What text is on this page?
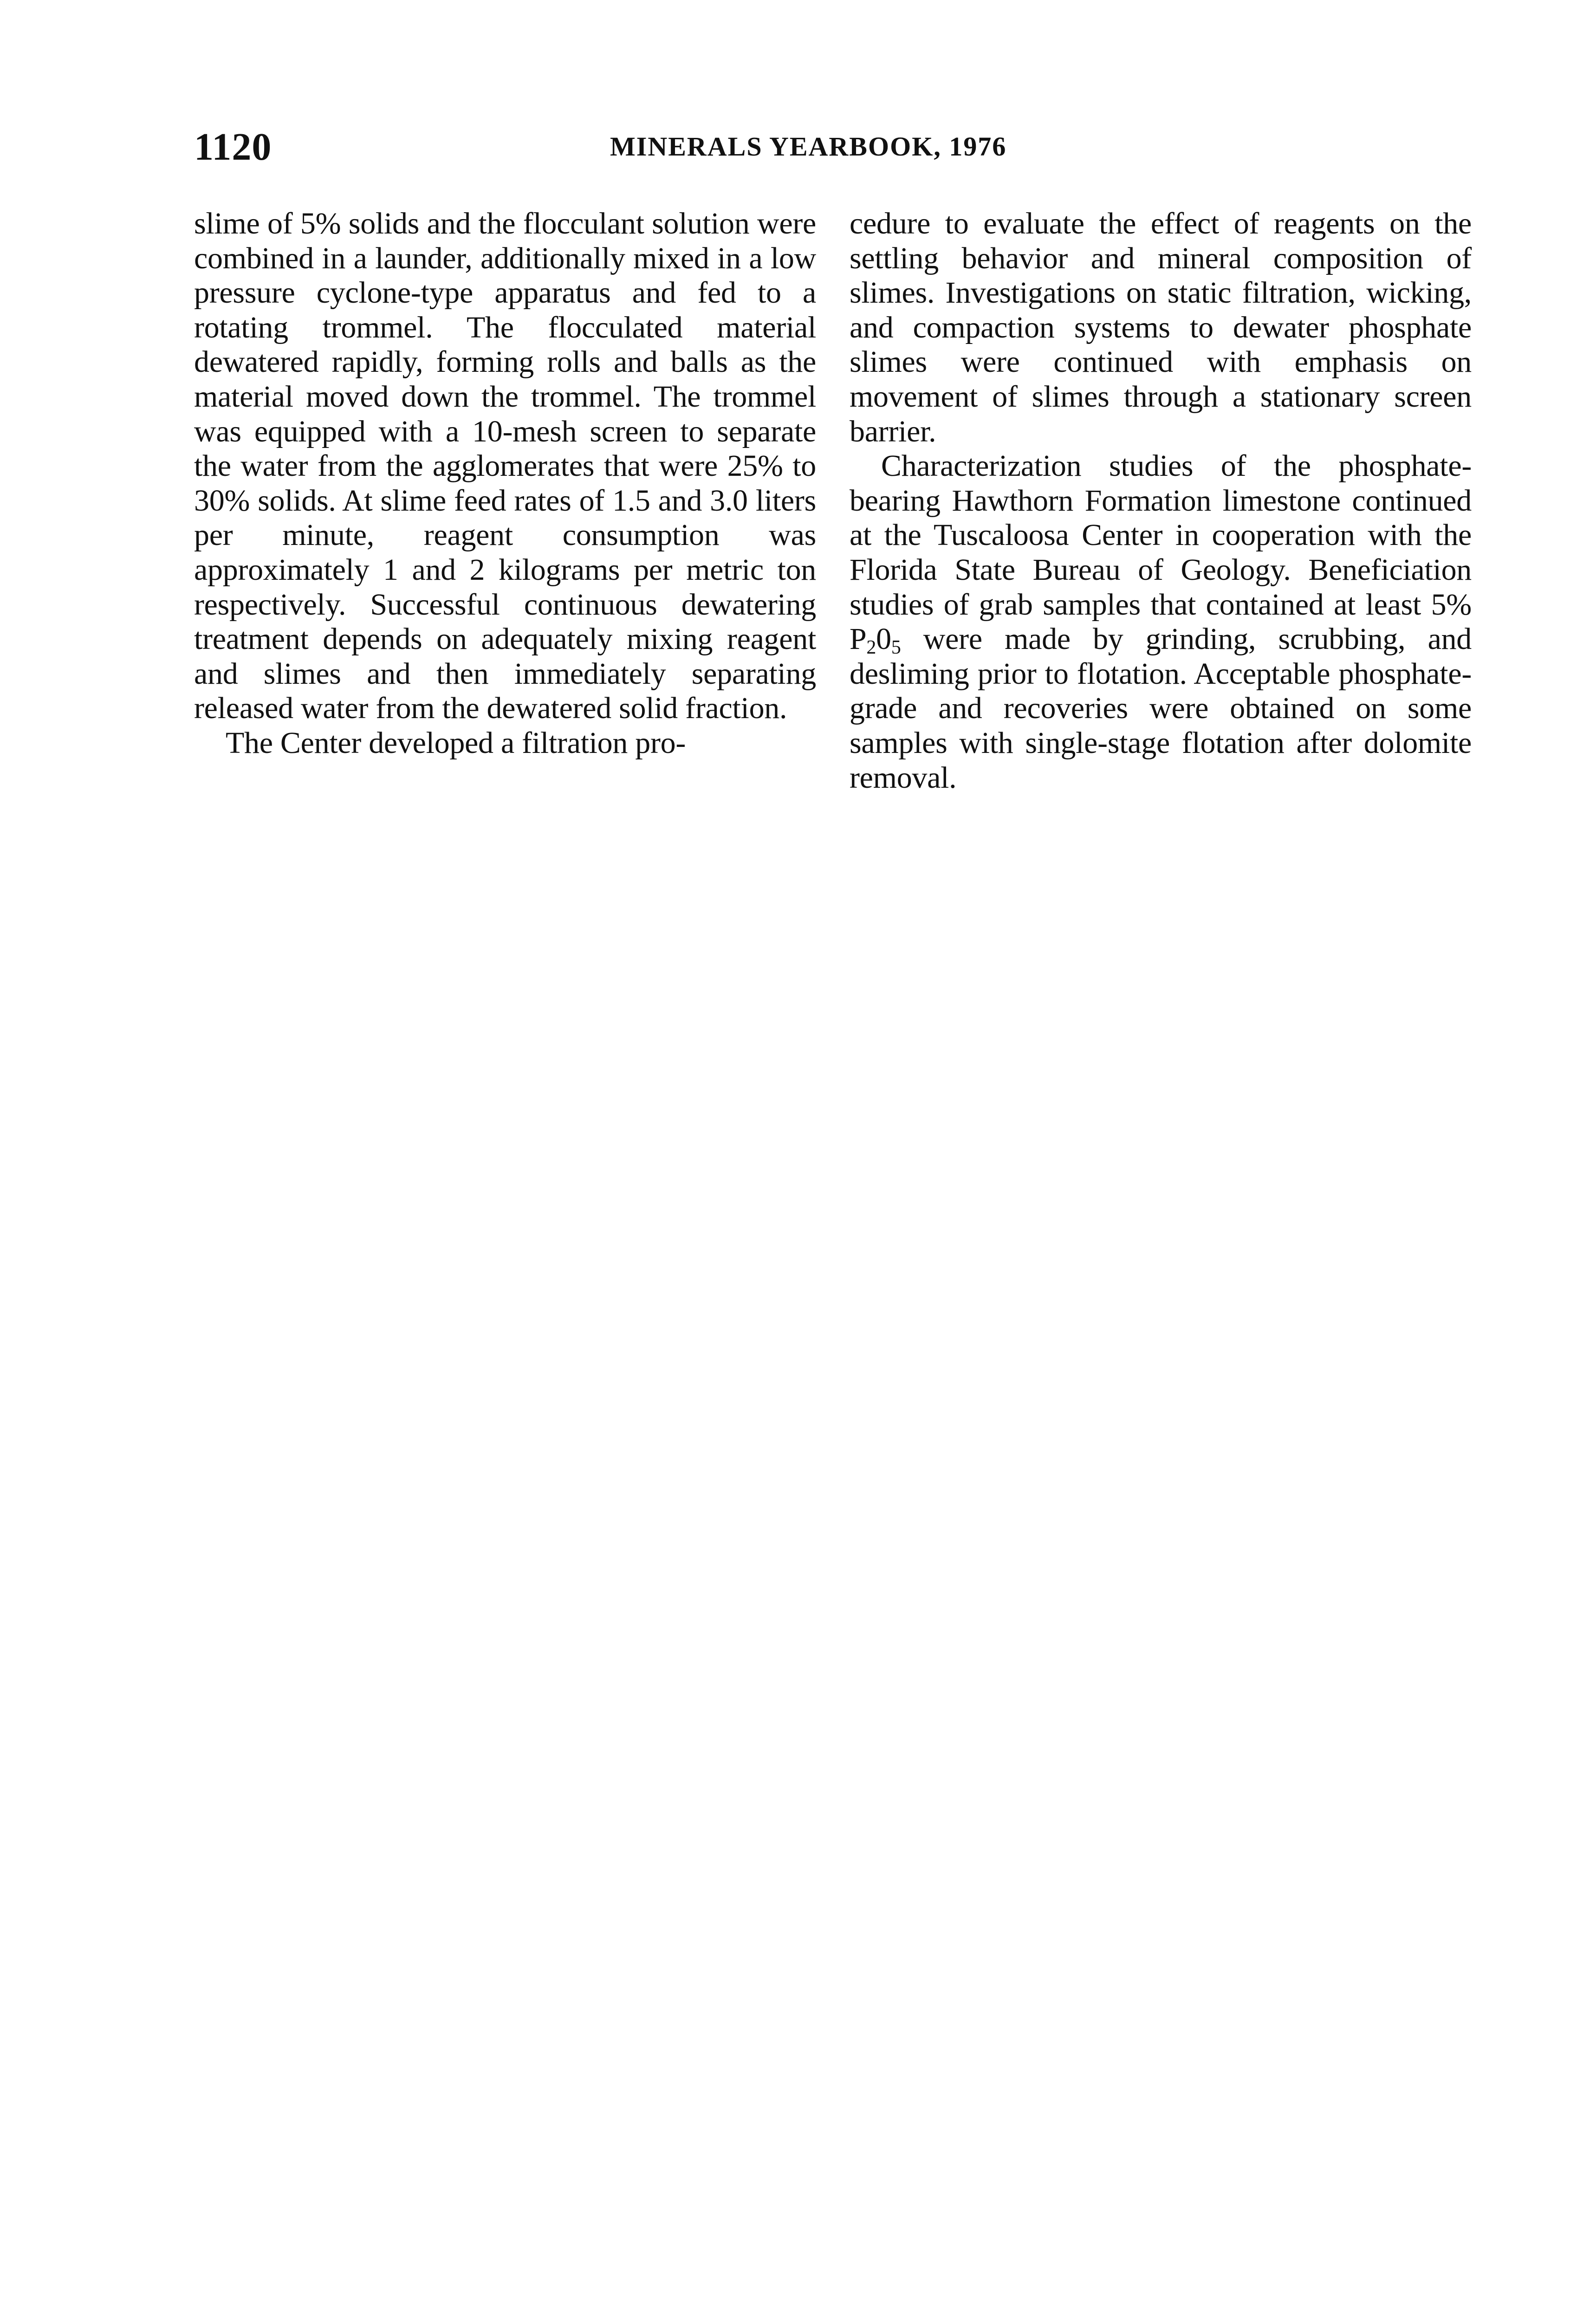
1120	MINERALS YEARBOOK, 1976

slime of 5% solids and the flocculant solution were combined in a launder, additionally mixed in a low pressure cyclone-type apparatus and fed to a rotating trommel. The flocculated material dewatered rapidly, forming rolls and balls as the material moved down the trommel. The trommel was equipped with a 10-mesh screen to separate the water from the agglomerates that were 25% to 30% solids. At slime feed rates of 1.5 and 3.0 liters per minute, reagent consumption was approximately 1 and 2 kilograms per metric ton respectively. Successful continuous dewatering treatment depends on adequately mixing reagent and slimes and then immediately separating released water from the dewatered solid fraction.

The Center developed a filtration pro-

cedure to evaluate the effect of reagents on the settling behavior and mineral composition of slimes. Investigations on static filtration, wicking, and compaction systems to dewater phosphate slimes were continued with emphasis on movement of slimes through a stationary screen barrier.

Characterization studies of the phosphate-bearing Hawthorn Formation limestone continued at the Tuscaloosa Center in cooperation with the Florida State Bureau of Geology. Beneficiation studies of grab samples that contained at least 5% $P_20_5$ were made by grinding, scrubbing, and desliming prior to flotation. Acceptable phosphate-grade and recoveries were obtained on some samples with single-stage flotation after dolomite removal.
